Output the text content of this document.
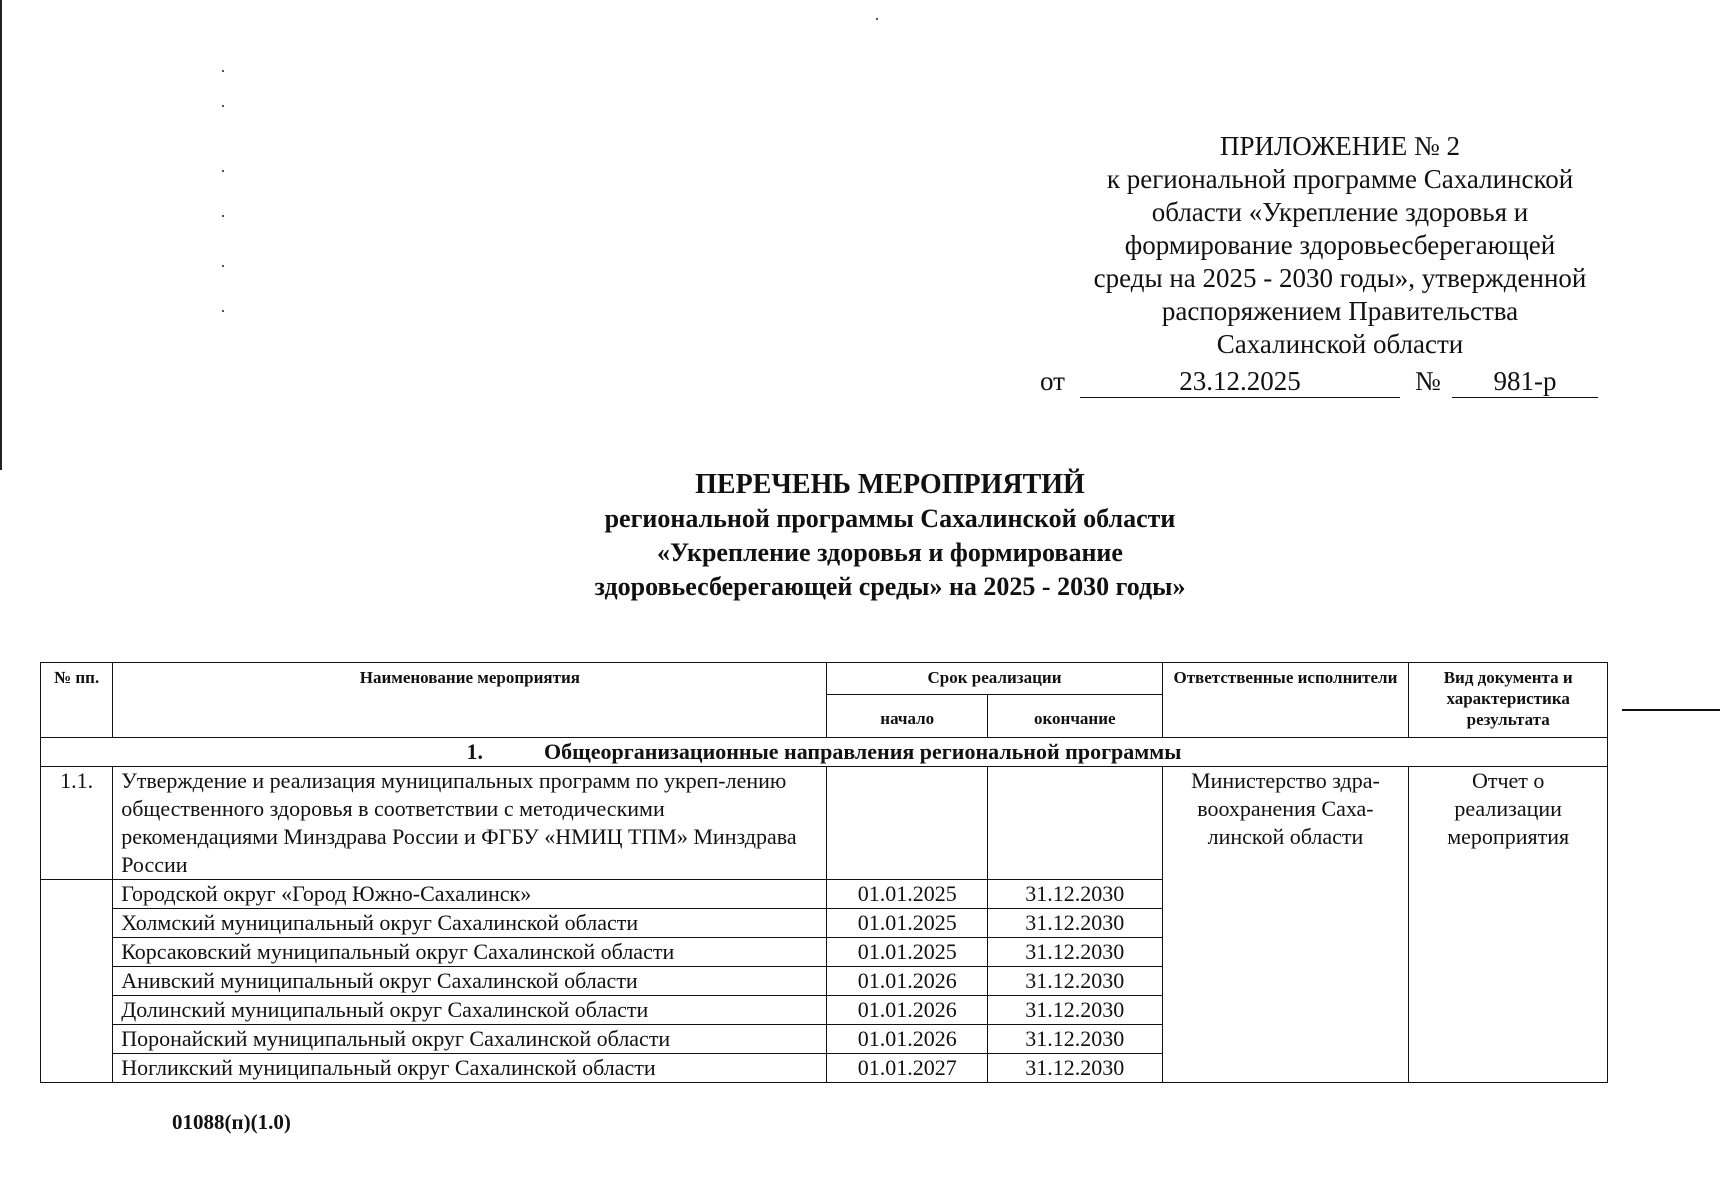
ПРИЛОЖЕНИЕ № 2
к региональной программе Сахалинской
области «Укрепление здоровья и
формирование здоровьесберегающей
среды на 2025 - 2030 годы», утвержденной
распоряжением Правительства
Сахалинской области
от	23.12.2025	№	981-р
ПЕРЕЧЕНЬ МЕРОПРИЯТИЙ
региональной программы Сахалинской области
«Укрепление здоровья и формирование
здоровьесберегающей среды» на 2025 - 2030 годы»
№ пп.	Наименование мероприятия	Срок реализации		Ответственные исполнители	Вид документа и характеристика результата
		начало	окончание		
1. Общеорганизационные направления региональной программы					
1.1.	Утверждение и реализация муниципальных программ по укреп-лению общественного здоровья в соответствии с методическими рекомендациями Минздрава России и ФГБУ «НМИЦ ТПМ» Минздрава России			Министерство здра-воохранения Саха-линской области	Отчет о реализации мероприятия
	Городской округ «Город Южно-Сахалинск»	01.01.2025	31.12.2030		
	Холмский муниципальный округ Сахалинской области	01.01.2025	31.12.2030		
	Корсаковский муниципальный округ Сахалинской области	01.01.2025	31.12.2030		
	Анивский муниципальный округ Сахалинской области	01.01.2026	31.12.2030		
	Долинский муниципальный округ Сахалинской области	01.01.2026	31.12.2030		
	Поронайский муниципальный округ Сахалинской области	01.01.2026	31.12.2030		
	Ногликский муниципальный округ Сахалинской области	01.01.2027	31.12.2030		
01088(п)(1.0)
